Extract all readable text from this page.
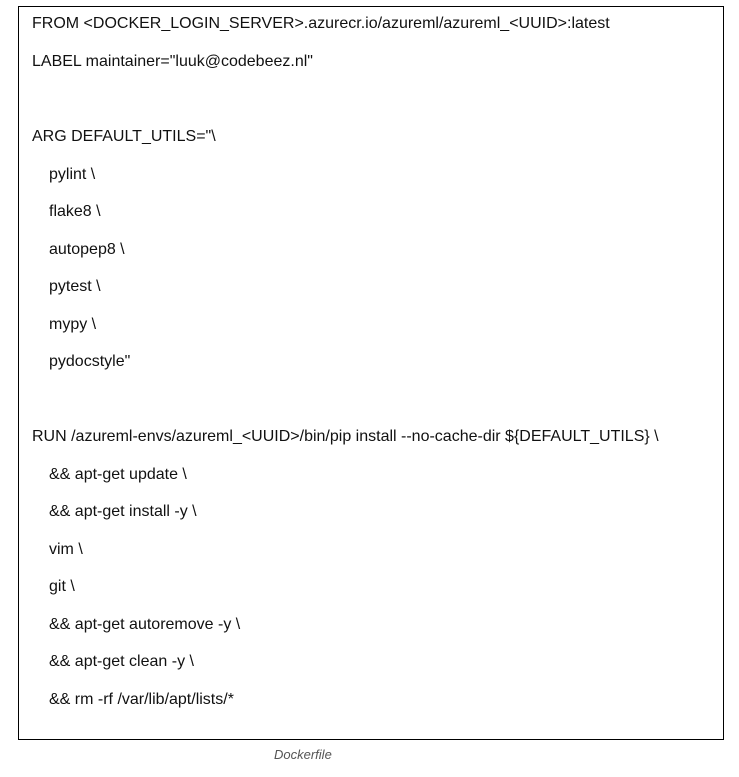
FROM <DOCKER_LOGIN_SERVER>.azurecr.io/azureml/azureml_<UUID>:latest
LABEL maintainer="luuk@codebeez.nl"
ARG DEFAULT_UTILS="\
pylint \
flake8 \
autopep8 \
pytest \
mypy \
pydocstyle"
RUN /azureml-envs/azureml_<UUID>/bin/pip install --no-cache-dir ${DEFAULT_UTILS} \
&& apt-get update \
&& apt-get install -y \
vim \
git \
&& apt-get autoremove -y \
&& apt-get clean -y \
&& rm -rf /var/lib/apt/lists/*
Dockerfile
